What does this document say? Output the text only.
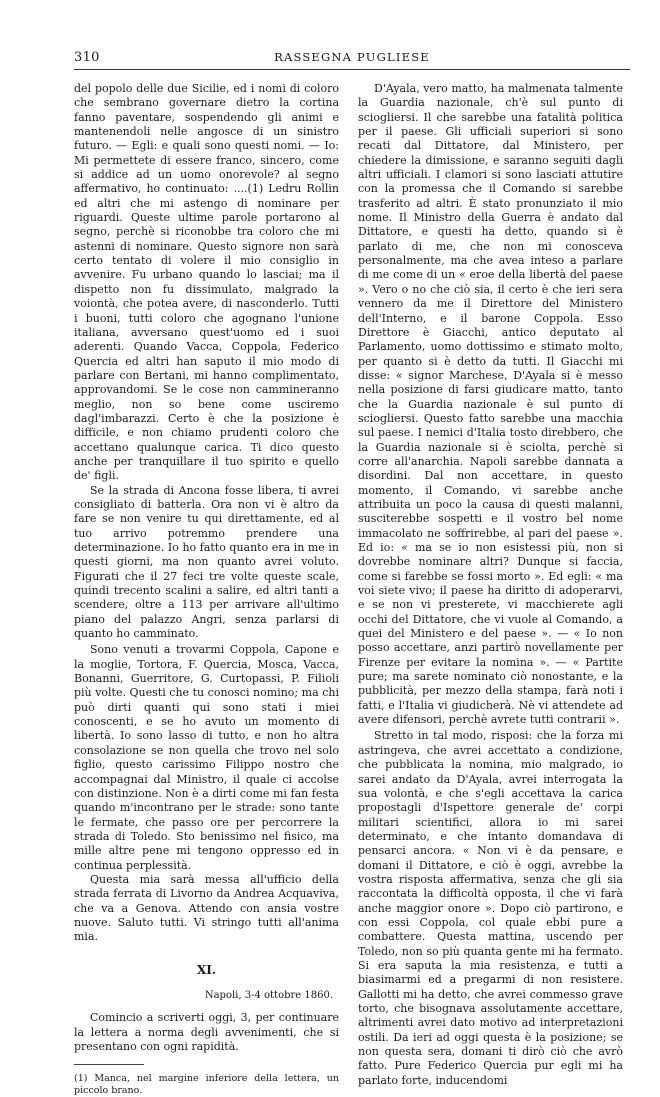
310	RASSEGNA PUGLIESE

del popolo delle due Sicilie, ed i nomi di coloro che sembrano governare dietro la cortina fanno paventare, sospendendo gli animi e mantenendoli nelle angosce di un sinistro futuro. — Egli: e quali sono questi nomi. — Io: Mi permettete di essere franco, sincero, come si addice ad un uomo onorevole? al segno affermativo, ho continuato: ....(1) Ledru Rollin ed altri che mi astengo di nominare per riguardi. Queste ultime parole portarono al segno, perchè si riconobbe tra coloro che mi astenni di nominare. Questo signore non sarà certo tentato di volere il mio consiglio in avvenire. Fu urbano quando lo lasciai; ma il dispetto non fu dissimulato, malgrado la voiontà, che potea avere, di nasconderlo. Tutti i buoni, tutti coloro che agognano l'unione italiana, avversano quest'uomo ed i suoi aderenti. Quando Vacca, Coppola, Federico Quercia ed altri han saputo il mio modo di parlare con Bertani, mi hanno complimentato, approvandomi. Se le cose non cammineranno meglio, non so bene come usciremo dagl'imbarazzi. Certo è che la posizione è difficile, e non chiamo prudenti coloro che accettano qualunque carica. Ti dico questo anche per tranquillare il tuo spirito e quello de' figli.

Se la strada di Ancona fosse libera, ti avrei consigliato di batterla. Ora non vi è altro da fare se non venire tu qui direttamente, ed al tuo arrivo potremmo prendere una determinazione. Io ho fatto quanto era in me in questi giorni, ma non quanto avrei voluto. Figurati che il 27 feci tre volte queste scale, quindi trecento scalini a salire, ed altri tanti a scendere, oltre a 113 per arrivare all'ultimo piano del palazzo Angri, senza parlarsi di quanto ho camminato.

Sono venuti a trovarmi Coppola, Capone e la moglie, Tortora, F. Quercia, Mosca, Vacca, Bonanni, Guerritore, G. Curtopassi, P. Filioli più volte. Questi che tu conosci nomino; ma chi può dirti quanti qui sono stati i miei conoscenti, e se ho avuto un momento di libertà. Io sono lasso di tutto, e non ho altra consolazione se non quella che trovo nel solo figlio, questo carissimo Filippo nostro che accompagnai dal Ministro, il quale ci accolse con distinzione. Non è a dirti come mi fan festa quando m'incontrano per le strade: sono tante le fermate, che passo ore per percorrere la strada di Toledo. Sto benissimo nel fisico, ma mille altre pene mi tengono oppresso ed in continua perplessità.

Questa mia sarà messa all'ufficio della strada ferrata di Livorno da Andrea Acquaviva, che va a Genova. Attendo con ansia vostre nuove. Saluto tutti. Vi stringo tutti all'anima mia.

XI.
Napoli, 3-4 ottobre 1860.

Comincio a scriverti oggi, 3, per continuare la lettera a norma degli avvenimenti, che si presentano con ogni rapidità.

(1) Manca, nel margine inferiore della lettera, un piccolo brano.

D'Ayala, vero matto, ha malmenata talmente la Guardia nazionale, ch'è sul punto di sciogliersi. Il che sarebbe una fatalità politica per il paese. Gli ufficiali superiori si sono recati dal Dittatore, dal Ministero, per chiedere la dimissione, e saranno seguiti dagli altri ufficiali. I clamori si sono lasciati attutire con la promessa che il Comando si sarebbe trasferito ad altri. È stato pronunziato il mio nome. Il Ministro della Guerra è andato dal Dittatore, e questi ha detto, quando si è parlato di me, che non mi conosceva personalmente, ma che avea inteso a parlare di me come di un « eroe della libertà del paese ». Vero o no che ciò sia, il certo è che ieri sera vennero da me il Direttore del Ministero dell'Interno, e il barone Coppola. Esso Direttore è Giacchi, antico deputato al Parlamento, uomo dottissimo e stimato molto, per quanto si è detto da tutti. Il Giacchi mi disse: « signor Marchese, D'Ayala si è messo nella posizione di farsi giudicare matto, tanto che la Guardia nazionale è sul punto di sciogliersi. Questo fatto sarebbe una macchia sul paese. I nemici d'Italia tosto direbbero, che la Guardia nazionale si è sciolta, perchè si corre all'anarchia. Napoli sarebbe dannata a disordini. Dal non accettare, in questo momento, il Comando, vi sarebbe anche attribuita un poco la causa di questi malanni, susciterebbe sospetti e il vostro bel nome immacolato ne soffrirebbe, al pari del paese ». Ed io: « ma se io non esistessi più, non si dovrebbe nominare altri? Dunque si faccia, come si farebbe se fossi morto ». Ed egli: « ma voi siete vivo; il paese ha diritto di adoperarvi, e se non vi presterete, vi macchierete agli occhi del Dittatore, che vi vuole al Comando, a quei del Ministero e del paese ». — « Io non posso accettare, anzi partirò novellamente per Firenze per evitare la nomina ». — « Partite pure; ma sarete nominato ciò nonostante, e la pubblicità, per mezzo della stampa, farà noti i fatti, e l'Italia vi giudicherà. Nè vi attendete ad avere difensori, perchè avrete tutti contrarii ».

Stretto in tal modo, risposi: che la forza mi astringeva, che avrei accettato a condizione, che pubblicata la nomina, mio malgrado, io sarei andato da D'Ayala, avrei interrogata la sua volontà, e che s'egli accettava la carica propostagli d'Ispettore generale de' corpi militari scientifici, allora io mi sarei determinato, e che intanto domandava di pensarci ancora. « Non vi è da pensare, e domani il Dittatore, e ciò è oggi, avrebbe la vostra risposta affermativa, senza che gli sia raccontata la difficoltà opposta, il che vi farà anche maggior onore ». Dopo ciò partirono, e con essi Coppola, col quale ebbi pure a combattere. Questa mattina, uscendo per Toledo, non so più quanta gente mi ha fermato. Si era saputa la mia resistenza, e tutti a biasimarmi ed a pregarmi di non resistere. Gallotti mi ha detto, che avrei commesso grave torto, che bisognava assolutamente accettare, altrimenti avrei dato motivo ad interpretazioni ostili. Da ieri ad oggi questa è la posizione; se non questa sera, domani ti dirò ciò che avrò fatto. Pure Federico Quercia pur egli mi ha parlato forte, inducendomi
